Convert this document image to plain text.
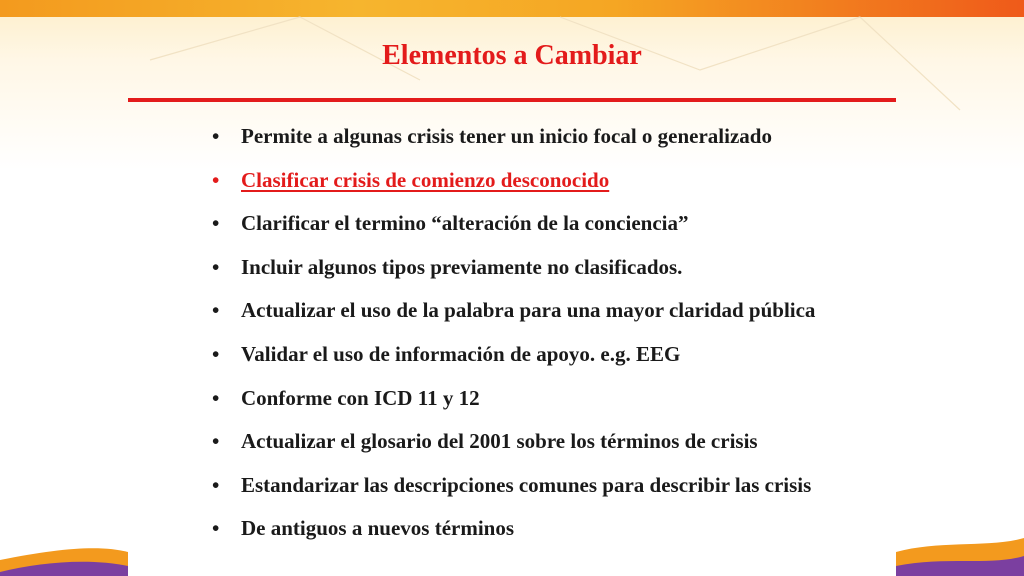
Elementos a Cambiar
•	Permite a algunas crisis tener un inicio focal o generalizado
•	Clasificar crisis de comienzo desconocido
•	Clarificar el termino “alteración de la conciencia”
•	Incluir algunos tipos previamente no clasificados.
•	Actualizar el uso de la palabra para una mayor claridad pública
•	Validar el uso de información de apoyo. e.g. EEG
•	Conforme con ICD 11 y 12
•	Actualizar el glosario del 2001 sobre los términos de crisis
•	Estandarizar las descripciones comunes para describir las crisis
•	De antiguos a nuevos términos
